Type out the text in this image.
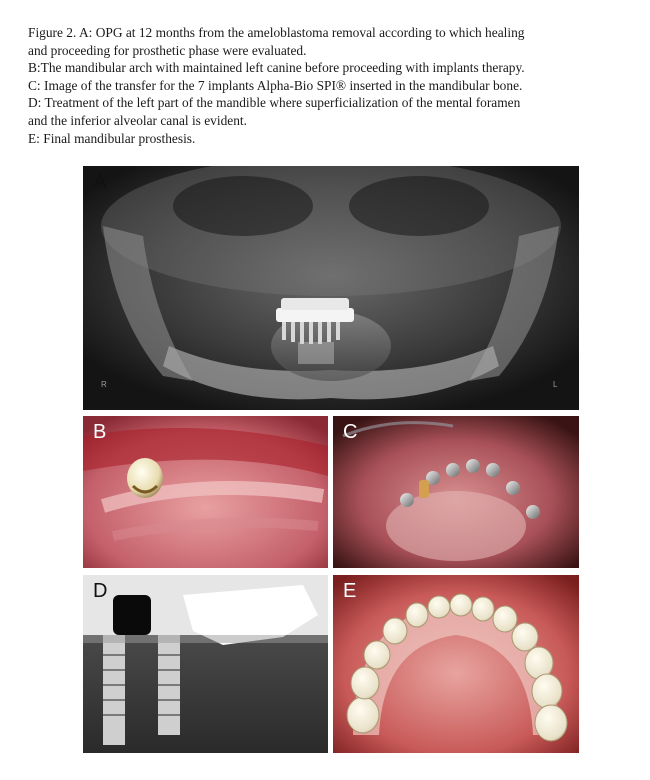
Figure 2. A: OPG at 12 months from the ameloblastoma removal according to which healing
and proceeding for prosthetic phase were evaluated.
B:The mandibular arch with maintained left canine before proceeding with implants therapy.
C: Image of the transfer for the 7 implants Alpha-Bio SPI® inserted in the mandibular bone.
D: Treatment of the left part of the mandible where superficialization of the mental foramen
and the inferior alveolar canal is evident.
E: Final mandibular prosthesis.
A
R	L
B	C
D	E
